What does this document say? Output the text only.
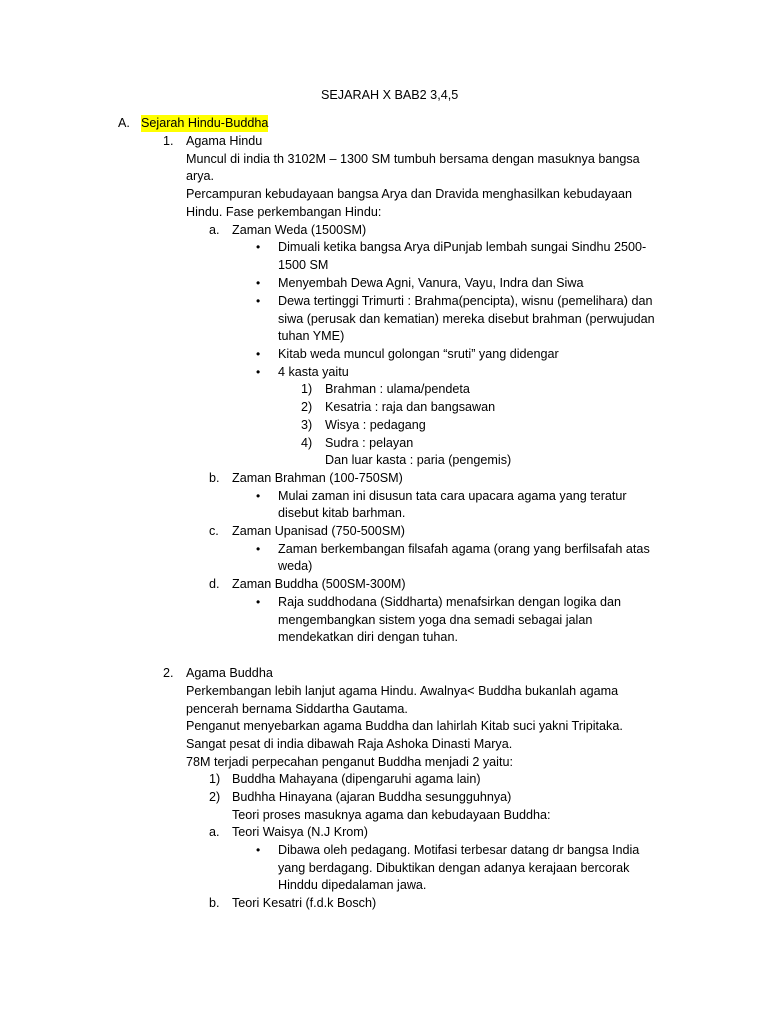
SEJARAH X BAB2 3,4,5
A. Sejarah Hindu-Buddha
1. Agama Hindu
Muncul di india th 3102M – 1300 SM tumbuh bersama dengan masuknya bangsa
arya.
Percampuran kebudayaan bangsa Arya dan Dravida menghasilkan kebudayaan
Hindu. Fase perkembangan Hindu:
a. Zaman Weda (1500SM)
• Dimuali ketika bangsa Arya diPunjab lembah sungai Sindhu 2500-
1500 SM
• Menyembah Dewa Agni, Vanura, Vayu, Indra dan Siwa
• Dewa tertinggi Trimurti : Brahma(pencipta), wisnu (pemelihara) dan
siwa (perusak dan kematian) mereka disebut brahman (perwujudan
tuhan YME)
• Kitab weda muncul golongan “sruti” yang didengar
• 4 kasta yaitu
1) Brahman : ulama/pendeta
2) Kesatria : raja dan bangsawan
3) Wisya : pedagang
4) Sudra : pelayan
Dan luar kasta : paria (pengemis)
b. Zaman Brahman (100-750SM)
• Mulai zaman ini disusun tata cara upacara agama yang teratur
disebut kitab barhman.
c. Zaman Upanisad (750-500SM)
• Zaman berkembangan filsafah agama (orang yang berfilsafah atas
weda)
d. Zaman Buddha (500SM-300M)
• Raja suddhodana (Siddharta) menafsirkan dengan logika dan
mengembangkan sistem yoga dna semadi sebagai jalan
mendekatkan diri dengan tuhan.
2. Agama Buddha
Perkembangan lebih lanjut agama Hindu. Awalnya< Buddha bukanlah agama
pencerah bernama Siddartha Gautama.
Penganut menyebarkan agama Buddha dan lahirlah Kitab suci yakni Tripitaka.
Sangat pesat di india dibawah Raja Ashoka Dinasti Marya.
78M terjadi perpecahan penganut Buddha menjadi 2 yaitu:
1) Buddha Mahayana (dipengaruhi agama lain)
2) Budhha Hinayana (ajaran Buddha sesungguhnya)
Teori proses masuknya agama dan kebudayaan Buddha:
a. Teori Waisya (N.J Krom)
• Dibawa oleh pedagang. Motifasi terbesar datang dr bangsa India
yang berdagang. Dibuktikan dengan adanya kerajaan bercorak
Hinddu dipedalaman jawa.
b. Teori Kesatri (f.d.k Bosch)
